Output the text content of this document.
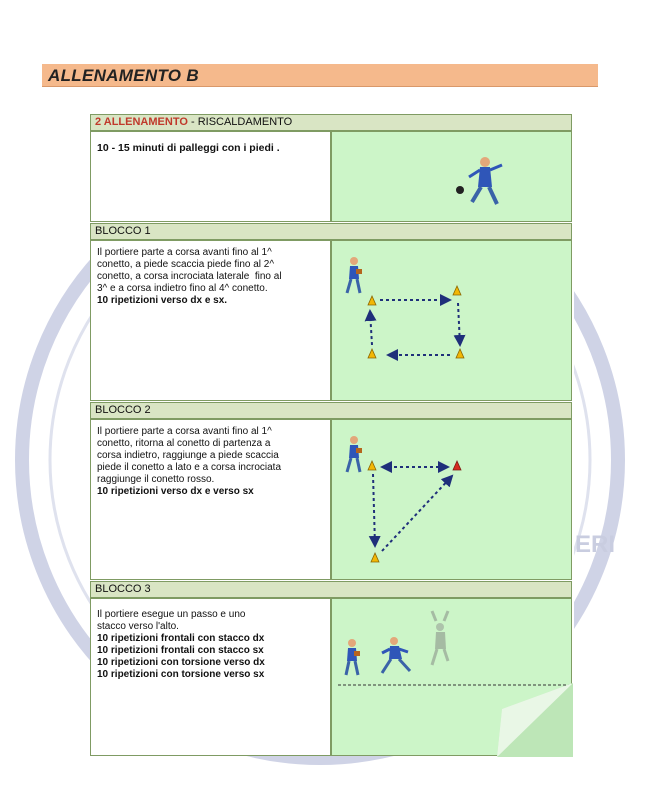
ERI
ALLENAMENTO B
2 ALLENAMENTO - RISCALDAMENTO
10 - 15 minuti di palleggi con i piedi .
BLOCCO 1
Il portiere parte a corsa avanti fino al 1^
conetto, a piede scaccia piede fino al 2^
conetto, a corsa incrociata laterale  fino al
3^ e a corsa indietro fino al 4^ conetto.
10 ripetizioni verso dx e sx.
BLOCCO 2
Il portiere parte a corsa avanti fino al 1^
conetto, ritorna al conetto di partenza a
corsa indietro, raggiunge a piede scaccia
piede il conetto a lato e a corsa incrociata
raggiunge il conetto rosso.
10 ripetizioni verso dx e verso sx
BLOCCO 3
Il portiere esegue un passo e uno
stacco verso l'alto.
10 ripetizioni frontali con stacco dx
10 ripetizioni frontali con stacco sx
10 ripetizioni con torsione verso dx
10 ripetizioni con torsione verso sx
